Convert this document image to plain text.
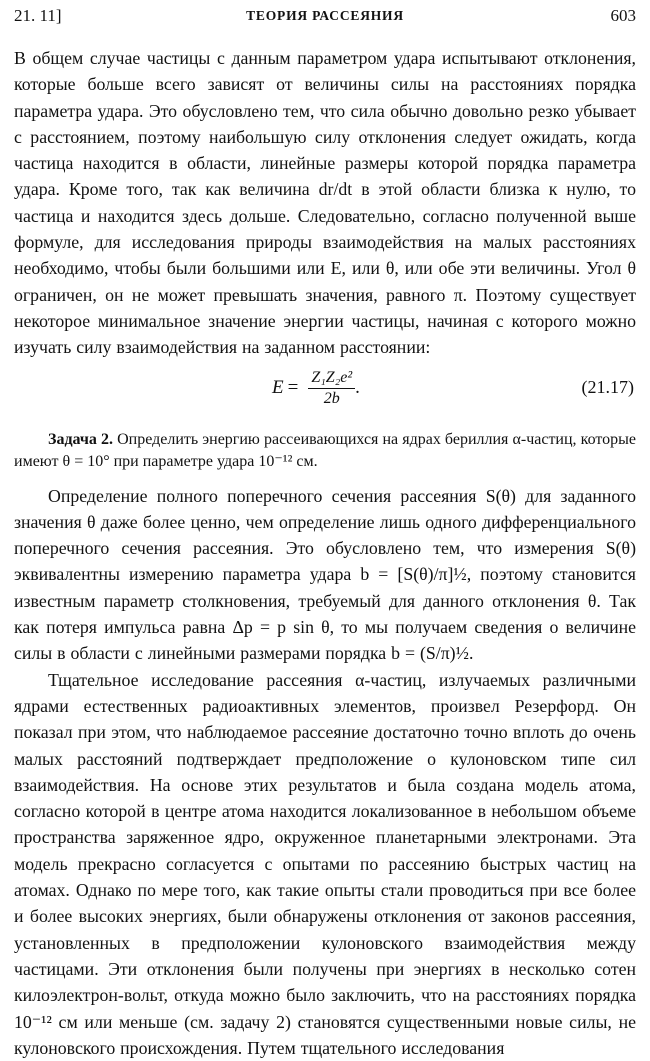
21. 11]	ТЕОРИЯ РАССЕЯНИЯ	603

В общем случае частицы с данным параметром удара испытывают отклонения, которые больше всего зависят от величины силы на расстояниях порядка параметра удара. Это обусловлено тем, что сила обычно довольно резко убывает с расстоянием, поэтому наибольшую силу отклонения следует ожидать, когда частица находится в области, линейные размеры которой порядка параметра удара. Кроме того, так как величина dr/dt в этой области близка к нулю, то частица и находится здесь дольше. Следовательно, согласно полученной выше формуле, для исследования природы взаимодействия на малых расстояниях необходимо, чтобы были большими или E, или θ, или обе эти величины. Угол θ ограничен, он не может превышать значения, равного π. Поэтому существует некоторое минимальное значение энергии частицы, начиная с которого можно изучать силу взаимодействия на заданном расстоянии:

$E = \frac{\text{Z₁Z₂e²}}{2b}$ .	(21.17)

Задача 2. Определить энергию рассеивающихся на ядрах бериллия α-частиц, которые имеют θ = 10° при параметре удара 10⁻¹² см.

Определение полного поперечного сечения рассеяния S(θ) для заданного значения θ даже более ценно, чем определение лишь одного дифференциального поперечного сечения рассеяния. Это обусловлено тем, что измерения S(θ) эквивалентны измерению параметра удара b = [S(θ)/π]½, поэтому становится известным параметр столкновения, требуемый для данного отклонения θ. Так как потеря импульса равна Δp = p sin θ, то мы получаем сведения о величине силы в области с линейными размерами порядка b = (S/π)½.

Тщательное исследование рассеяния α-частиц, излучаемых различными ядрами естественных радиоактивных элементов, произвел Резерфорд. Он показал при этом, что наблюдаемое рассеяние достаточно точно вплоть до очень малых расстояний подтверждает предположение о кулоновском типе сил взаимодействия. На основе этих результатов и была создана модель атома, согласно которой в центре атома находится локализованное в небольшом объеме пространства заряженное ядро, окруженное планетарными электронами. Эта модель прекрасно согласуется с опытами по рассеянию быстрых частиц на атомах. Однако по мере того, как такие опыты стали проводиться при все более и более высоких энергиях, были обнаружены отклонения от законов рассеяния, установленных в предположении кулоновского взаимодействия между частицами. Эти отклонения были получены при энергиях в несколько сотен килоэлектрон-вольт, откуда можно было заключить, что на расстояниях порядка 10⁻¹² см или меньше (см. задачу 2) становятся существенными новые силы, не кулоновского происхождения. Путем тщательного исследования
